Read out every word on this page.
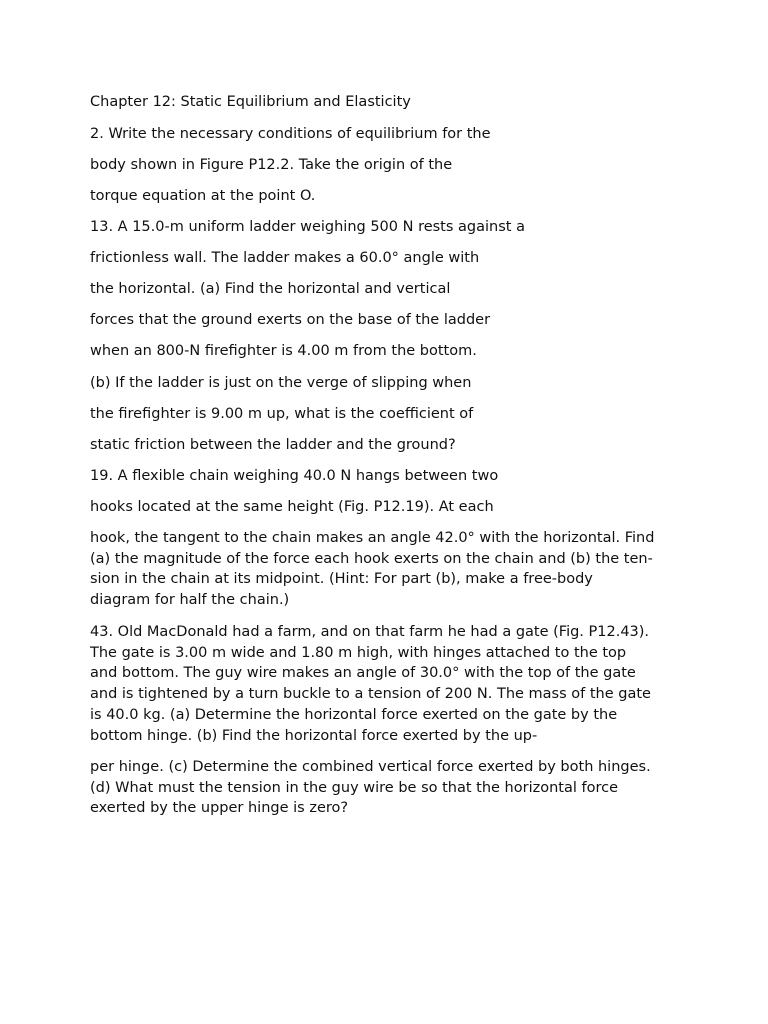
Chapter 12: Static Equilibrium and Elasticity
2. Write the necessary conditions of equilibrium for the
body shown in Figure P12.2. Take the origin of the
torque equation at the point O.
13. A 15.0-m uniform ladder weighing 500 N rests against a
frictionless wall. The ladder makes a 60.0° angle with
the horizontal. (a) Find the horizontal and vertical
forces that the ground exerts on the base of the ladder
when an 800-N firefighter is 4.00 m from the bottom.
(b) If the ladder is just on the verge of slipping when
the firefighter is 9.00 m up, what is the coefficient of
static friction between the ladder and the ground?
19. A flexible chain weighing 40.0 N hangs between two
hooks located at the same height (Fig. P12.19). At each
hook, the tangent to the chain makes an angle 42.0° with the horizontal. Find
(a) the magnitude of the force each hook exerts on the chain and (b) the ten-
sion in the chain at its midpoint. (Hint: For part (b), make a free-body
diagram for half the chain.)
43. Old MacDonald had a farm, and on that farm he had a gate (Fig. P12.43).
The gate is 3.00 m wide and 1.80 m high, with hinges attached to the top
and bottom. The guy wire makes an angle of 30.0° with the top of the gate
and is tightened by a turn buckle to a tension of 200 N. The mass of the gate
is 40.0 kg. (a) Determine the horizontal force exerted on the gate by the
bottom hinge. (b) Find the horizontal force exerted by the up-
per hinge. (c) Determine the combined vertical force exerted by both hinges.
(d) What must the tension in the guy wire be so that the horizontal force
exerted by the upper hinge is zero?
